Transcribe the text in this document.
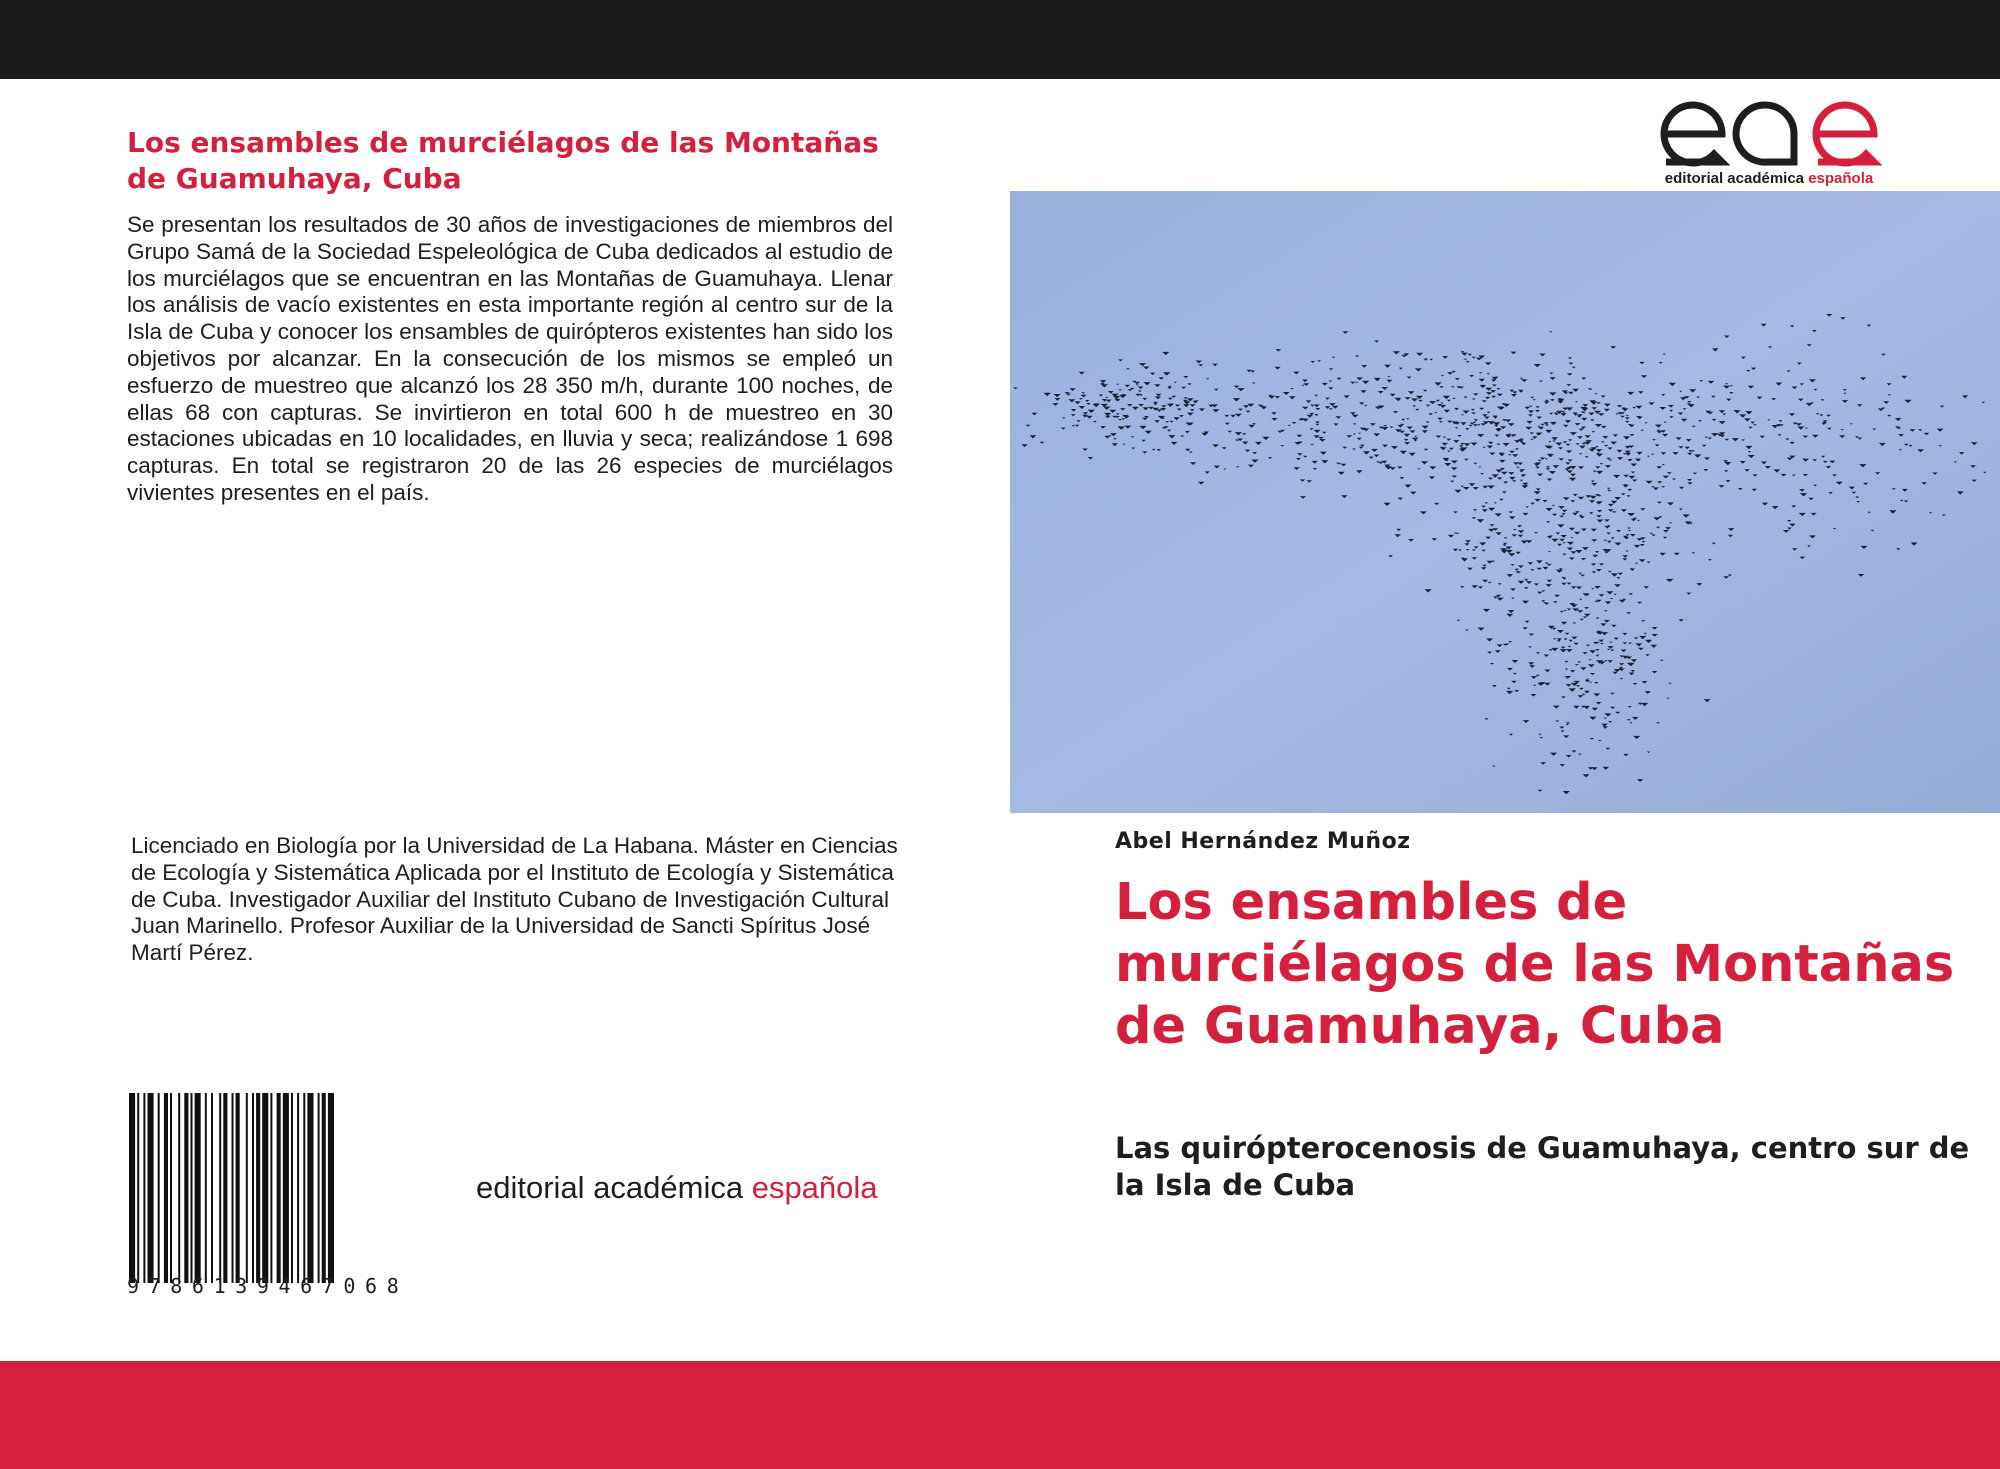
Los ensambles de murciélagos de las Montañas de Guamuhaya, Cuba

Se presentan los resultados de 30 años de investigaciones de miembros del Grupo Samá de la Sociedad Espeleológica de Cuba dedicados al estudio de los murciélagos que se encuentran en las Montañas de Guamuhaya. Llenar los análisis de vacío existentes en esta importante región al centro sur de la Isla de Cuba y conocer los ensambles de quirópteros existentes han sido los objetivos por alcanzar. En la consecución de los mismos se empleó un esfuerzo de muestreo que alcanzó los 28 350 m/h, durante 100 noches, de ellas 68 con capturas. Se invirtieron en total 600 h de muestreo en 30 estaciones ubicadas en 10 localidades, en lluvia y seca; realizándose 1 698 capturas. En total se registraron 20 de las 26 especies de murciélagos vivientes presentes en el país.

Licenciado en Biología por la Universidad de La Habana. Máster en Ciencias de Ecología y Sistemática Aplicada por el Instituto de Ecología y Sistemática de Cuba. Investigador Auxiliar del Instituto Cubano de Investigación Cultural Juan Marinello. Profesor Auxiliar de la Universidad de Sancti Spíritus José Martí Pérez.

9786139467068
editorial académica española
editorial académica española
Abel Hernández Muñoz
Los ensambles de murciélagos de las Montañas de Guamuhaya, Cuba
Las quirópterocenosis de Guamuhaya, centro sur de la Isla de Cuba
